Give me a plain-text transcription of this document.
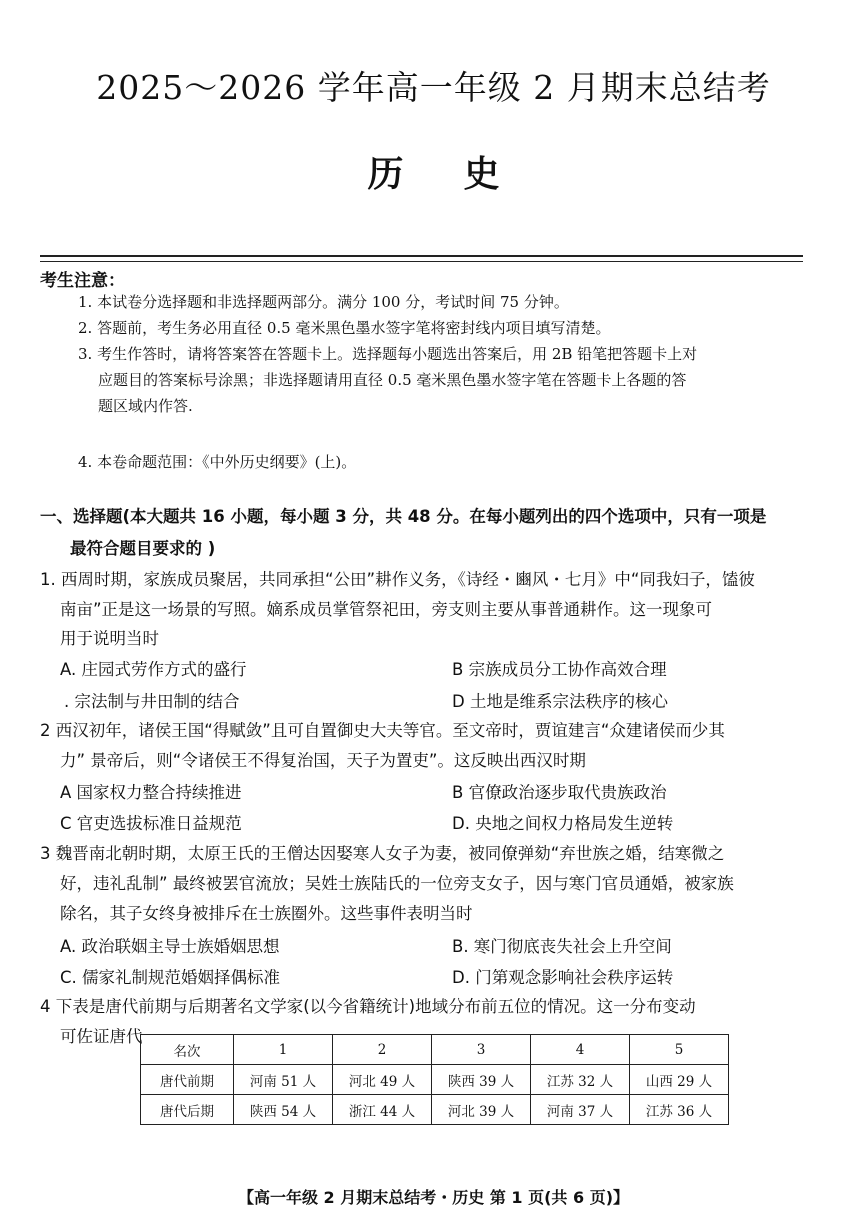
2025～2026 学年高一年级 2 月期末总结考
历史
考生注意：
1. 本试卷分选择题和非选择题两部分。满分 100 分，考试时间 75 分钟。
2. 答题前，考生务必用直径 0.5 毫米黑色墨水签字笔将密封线内项目填写清楚。
3. 考生作答时，请将答案答在答题卡上。选择题每小题选出答案后，用 2B 铅笔把答题卡上对
应题目的答案标号涂黑；非选择题请用直径 0.5 毫米黑色墨水签字笔在答题卡上各题的答
题区域内作答.
4. 本卷命题范围：《中外历史纲要》(上)。
一、选择题(本大题共 16 小题，每小题 3 分，共 48 分。在每小题列出的四个选项中，只有一项是
最符合题目要求的 )
1. 西周时期，家族成员聚居，共同承担“公田”耕作义务，《诗经・豳风・七月》中“同我妇子，馌彼
南亩”正是这一场景的写照。嫡系成员掌管祭祀田，旁支则主要从事普通耕作。这一现象可
用于说明当时
A. 庄园式劳作方式的盛行	B 宗族成员分工协作高效合理
. 宗法制与井田制的结合	D 土地是维系宗法秩序的核心
2 西汉初年，诸侯王国“得赋敛”且可自置御史大夫等官。至文帝时，贾谊建言“众建诸侯而少其
力” 景帝后，则“令诸侯王不得复治国，天子为置吏”。这反映出西汉时期
A 国家权力整合持续推进	B 官僚政治逐步取代贵族政治
C 官吏选拔标准日益规范	D. 央地之间权力格局发生逆转
3 魏晋南北朝时期，太原王氏的王僧达因娶寒人女子为妻，被同僚弹劾“弃世族之婚，结寒微之
好，违礼乱制” 最终被罢官流放；吴姓士族陆氏的一位旁支女子，因与寒门官员通婚，被家族
除名，其子女终身被排斥在士族圈外。这些事件表明当时
A. 政治联姻主导士族婚姻思想	B. 寒门彻底丧失社会上升空间
C. 儒家礼制规范婚姻择偶标准	D. 门第观念影响社会秩序运转
4 下表是唐代前期与后期著名文学家(以今省籍统计)地域分布前五位的情况。这一分布变动
可佐证唐代
名次	1	2	3	4	5
唐代前期	河南 51 人	河北 49 人	陕西 39 人	江苏 32 人	山西 29 人
唐代后期	陕西 54 人	浙江 44 人	河北 39 人	河南 37 人	江苏 36 人
【高一年级 2 月期末总结考・历史 第 1 页(共 6 页)】
